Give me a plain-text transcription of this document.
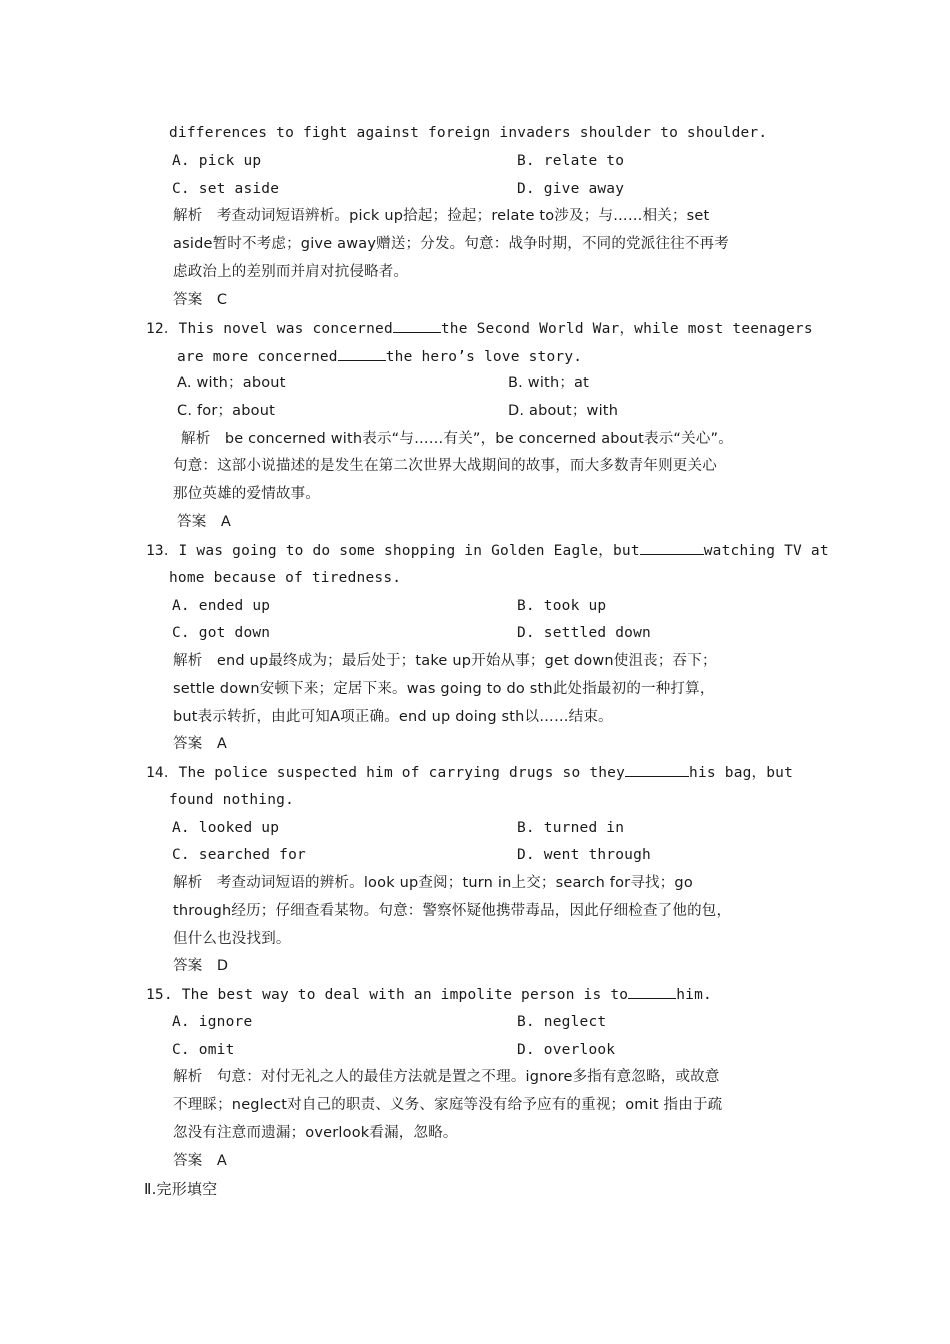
differences to fight against foreign invaders shoulder to shoulder.
A. pick up	B. relate to
C. set aside	D. give away
解析   考查动词短语辨析。pick up拾起；捡起；relate to涉及；与……相关；set
aside暂时不考虑；give away赠送；分发。句意：战争时期，不同的党派往往不再考
虑政治上的差别而并肩对抗侵略者。
答案   C
12．This novel was concerned	the Second World War，while most teenagers
are more concerned	the hero’s love story.
A. with；about	B. with；at
C. for；about	D. about；with
解析   be concerned with表示“与……有关”，be concerned about表示“关心”。
句意：这部小说描述的是发生在第二次世界大战期间的故事，而大多数青年则更关心
那位英雄的爱情故事。
答案   A
13．I was going to do some shopping in Golden Eagle，but	watching TV at
home because of tiredness.
A. ended up	B. took up
C. got down	D. settled down
解析   end up最终成为；最后处于；take up开始从事；get down使沮丧；吞下；
settle down安顿下来；定居下来。was going to do sth此处指最初的一种打算，
but表示转折，由此可知A项正确。end up doing sth以……结束。
答案   A
14．The police suspected him of carrying drugs so they	his bag，but
found nothing.
A. looked up	B. turned in
C. searched for	D. went through
解析   考查动词短语的辨析。look up查阅；turn in上交；search for寻找；go
through经历；仔细查看某物。句意：警察怀疑他携带毒品，因此仔细检查了他的包，
但什么也没找到。
答案   D
15. The best way to deal with an impolite person is to	him.
A. ignore	B. neglect
C. omit	D. overlook
解析   句意：对付无礼之人的最佳方法就是置之不理。ignore多指有意忽略，或故意
不理睬；neglect对自己的职责、义务、家庭等没有给予应有的重视；omit 指由于疏
忽没有注意而遗漏；overlook看漏，忽略。
答案   A
Ⅱ.完形填空
